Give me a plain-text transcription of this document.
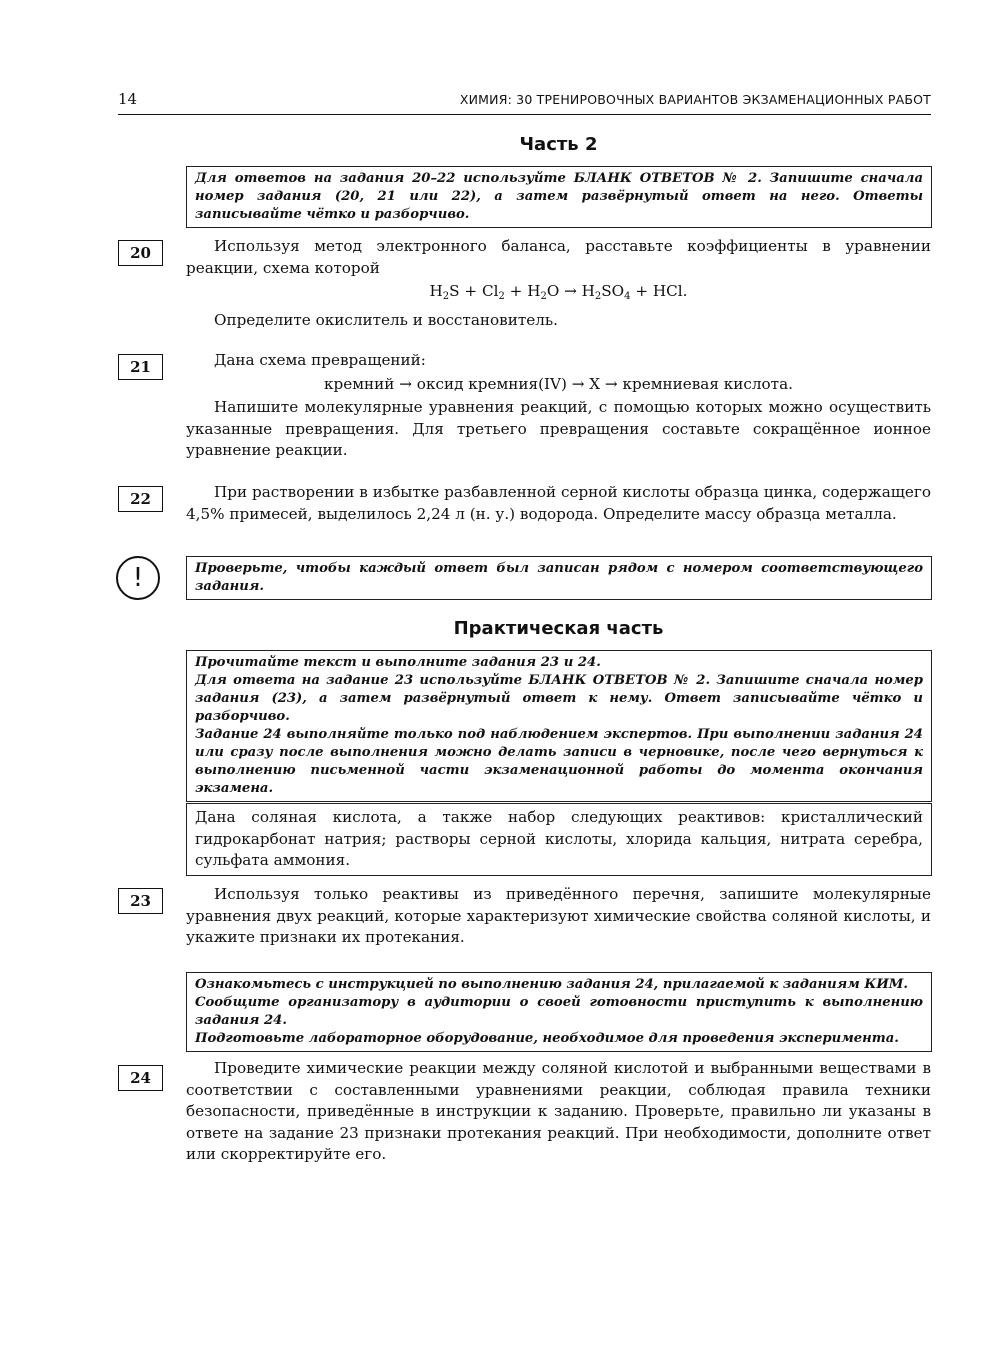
14	ХИМИЯ: 30 ТРЕНИРОВОЧНЫХ ВАРИАНТОВ ЭКЗАМЕНАЦИОННЫХ РАБОТ
Часть 2

Для ответов на задания 20–22 используйте БЛАНК ОТВЕТОВ № 2. Запишите сначала номер задания (20, 21 или 22), а затем развёрнутый ответ на него. Ответы записывайте чётко и разборчиво.

20	Используя метод электронного баланса, расставьте коэффициенты в уравнении реакции, схема которой

$H_2S + Cl_2 + H_2O \to H_2SO_4$ + HCl.

Определите окислитель и восстановитель.

21	Дана схема превращений:

кремний → оксид кремния(IV) → X → кремниевая кислота.

Напишите молекулярные уравнения реакций, с помощью которых можно осуществить указанные превращения. Для третьего превращения составьте сокращённое ионное уравнение реакции.

22	При растворении в избытке разбавленной серной кислоты образца цинка, содержащего 4,5% примесей, выделилось 2,24 л (н. у.) водорода. Определите массу образца металла.

!	Проверьте, чтобы каждый ответ был записан рядом с номером соответствующего задания.

Практическая часть

Прочитайте текст и выполните задания 23 и 24.

Для ответа на задание 23 используйте БЛАНК ОТВЕТОВ № 2. Запишите сначала номер задания (23), а затем развёрнутый ответ к нему. Ответ записывайте чётко и разборчиво.

Задание 24 выполняйте только под наблюдением экспертов. При выполнении задания 24 или сразу после выполнения можно делать записи в черновике, после чего вернуться к выполнению письменной части экзаменационной работы до момента окончания экзамена.

Дана соляная кислота, а также набор следующих реактивов: кристаллический гидрокарбонат натрия; растворы серной кислоты, хлорида кальция, нитрата серебра, сульфата аммония.

23	Используя только реактивы из приведённого перечня, запишите молекулярные уравнения двух реакций, которые характеризуют химические свойства соляной кислоты, и укажите признаки их протекания.

Ознакомьтесь с инструкцией по выполнению задания 24, прилагаемой к заданиям КИМ.

Сообщите организатору в аудитории о своей готовности приступить к выполнению задания 24.

Подготовьте лабораторное оборудование, необходимое для проведения эксперимента.

24

Проведите химические реакции между соляной кислотой и выбранными веществами в соответствии с составленными уравнениями реакции, соблюдая правила техники безопасности, приведённые в инструкции к заданию. Проверьте, правильно ли указаны в ответе на задание 23 признаки протекания реакций. При необходимости, дополните ответ или скорректируйте его.
